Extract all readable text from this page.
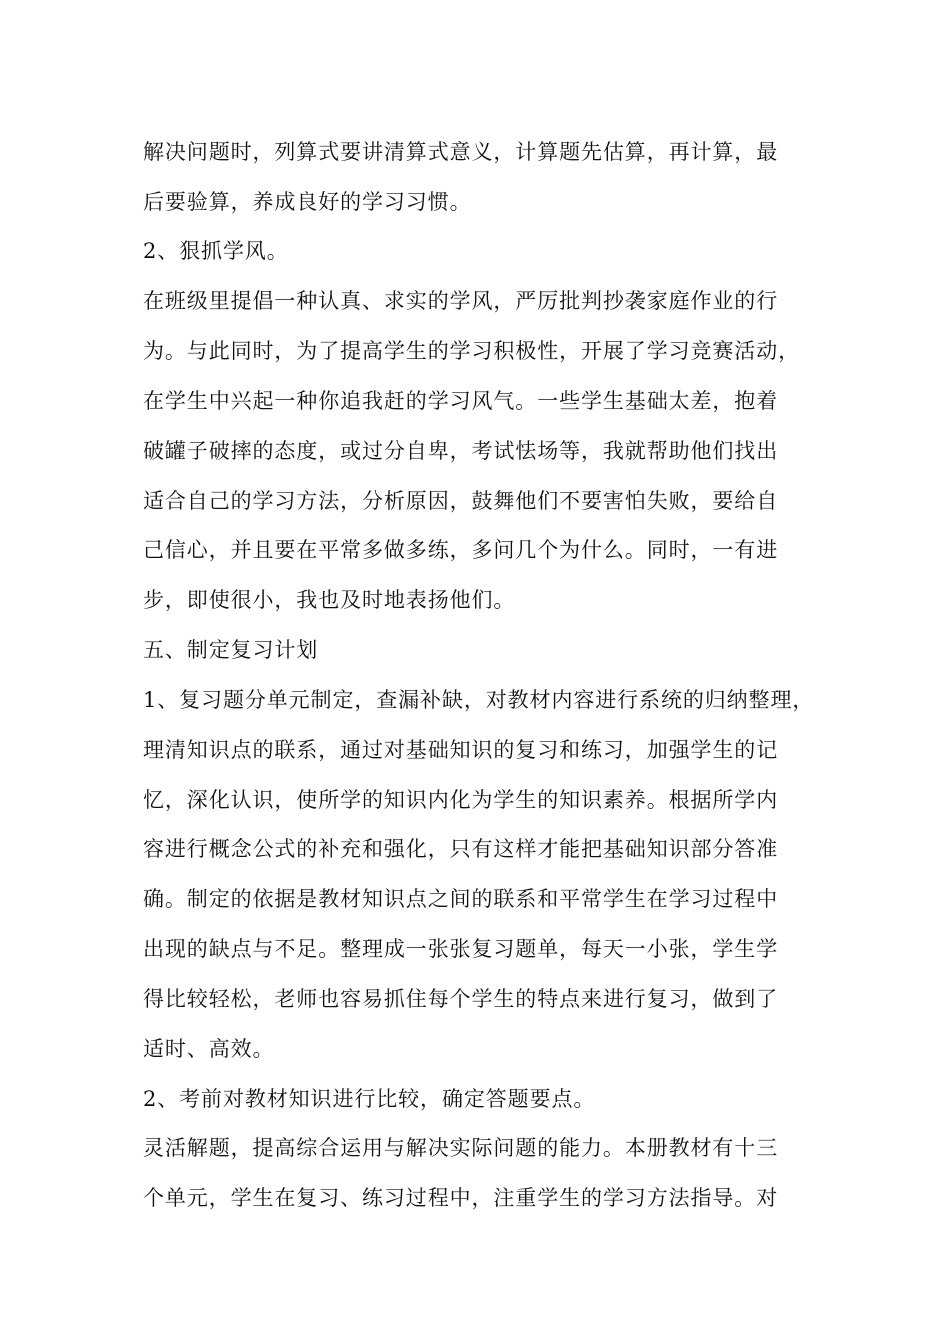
解决问题时，列算式要讲清算式意义，计算题先估算，再计算，最
后要验算，养成良好的学习习惯。
2、狠抓学风。
在班级里提倡一种认真、求实的学风，严厉批判抄袭家庭作业的行
为。与此同时，为了提高学生的学习积极性，开展了学习竞赛活动，
在学生中兴起一种你追我赶的学习风气。一些学生基础太差，抱着
破罐子破摔的态度，或过分自卑，考试怯场等，我就帮助他们找出
适合自己的学习方法，分析原因，鼓舞他们不要害怕失败，要给自
己信心，并且要在平常多做多练，多问几个为什么。同时，一有进
步，即使很小，我也及时地表扬他们。
五、制定复习计划
1、复习题分单元制定，查漏补缺，对教材内容进行系统的归纳整理，
理清知识点的联系，通过对基础知识的复习和练习，加强学生的记
忆，深化认识，使所学的知识内化为学生的知识素养。根据所学内
容进行概念公式的补充和强化，只有这样才能把基础知识部分答准
确。制定的依据是教材知识点之间的联系和平常学生在学习过程中
出现的缺点与不足。整理成一张张复习题单，每天一小张，学生学
得比较轻松，老师也容易抓住每个学生的特点来进行复习，做到了
适时、高效。
2、考前对教材知识进行比较，确定答题要点。
灵活解题，提高综合运用与解决实际问题的能力。本册教材有十三
个单元，学生在复习、练习过程中，注重学生的学习方法指导。对
